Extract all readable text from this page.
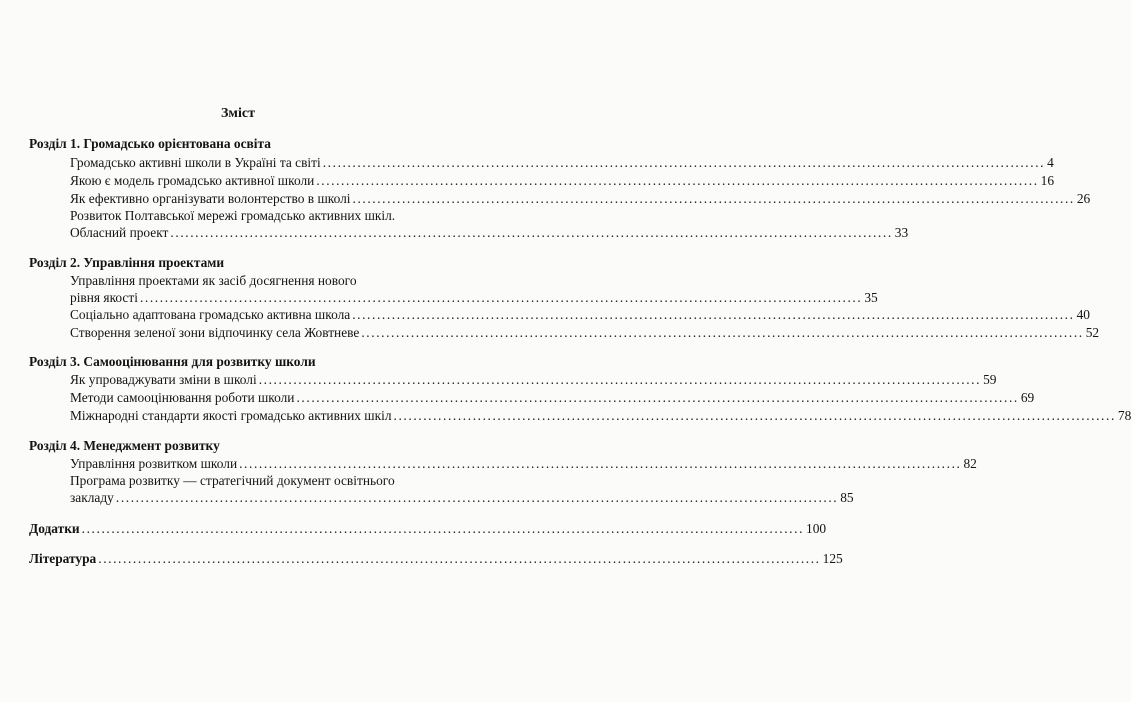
Зміст
Розділ 1. Громадсько орієнтована освіта
Громадсько активні школи в Україні та світі .................................................................................................................................................. 4
Якою є модель громадсько активної школи .................................................................................................................................................. 16
Як ефективно організувати волонтерство в школі .................................................................................................................................................. 26
Розвиток Полтавської мережі громадсько активних шкіл.
Обласний проект .................................................................................................................................................. 33
Розділ 2. Управління проектами
Управління проектами як засіб досягнення нового
рівня якості .................................................................................................................................................. 35
Соціально адаптована громадсько активна школа .................................................................................................................................................. 40
Створення зеленої зони відпочинку села Жовтневе .................................................................................................................................................. 52
Розділ 3. Самооцінювання для розвитку школи
Як упроваджувати зміни в школі .................................................................................................................................................. 59
Методи самооцінювання роботи школи .................................................................................................................................................. 69
Міжнародні стандарти якості громадсько активних шкіл .................................................................................................................................................. 78
Розділ 4. Менеджмент розвитку
Управління розвитком школи .................................................................................................................................................. 82
Програма розвитку — стратегічний документ освітнього
закладу .................................................................................................................................................. 85
Додатки .................................................................................................................................................. 100
Література .................................................................................................................................................. 125
